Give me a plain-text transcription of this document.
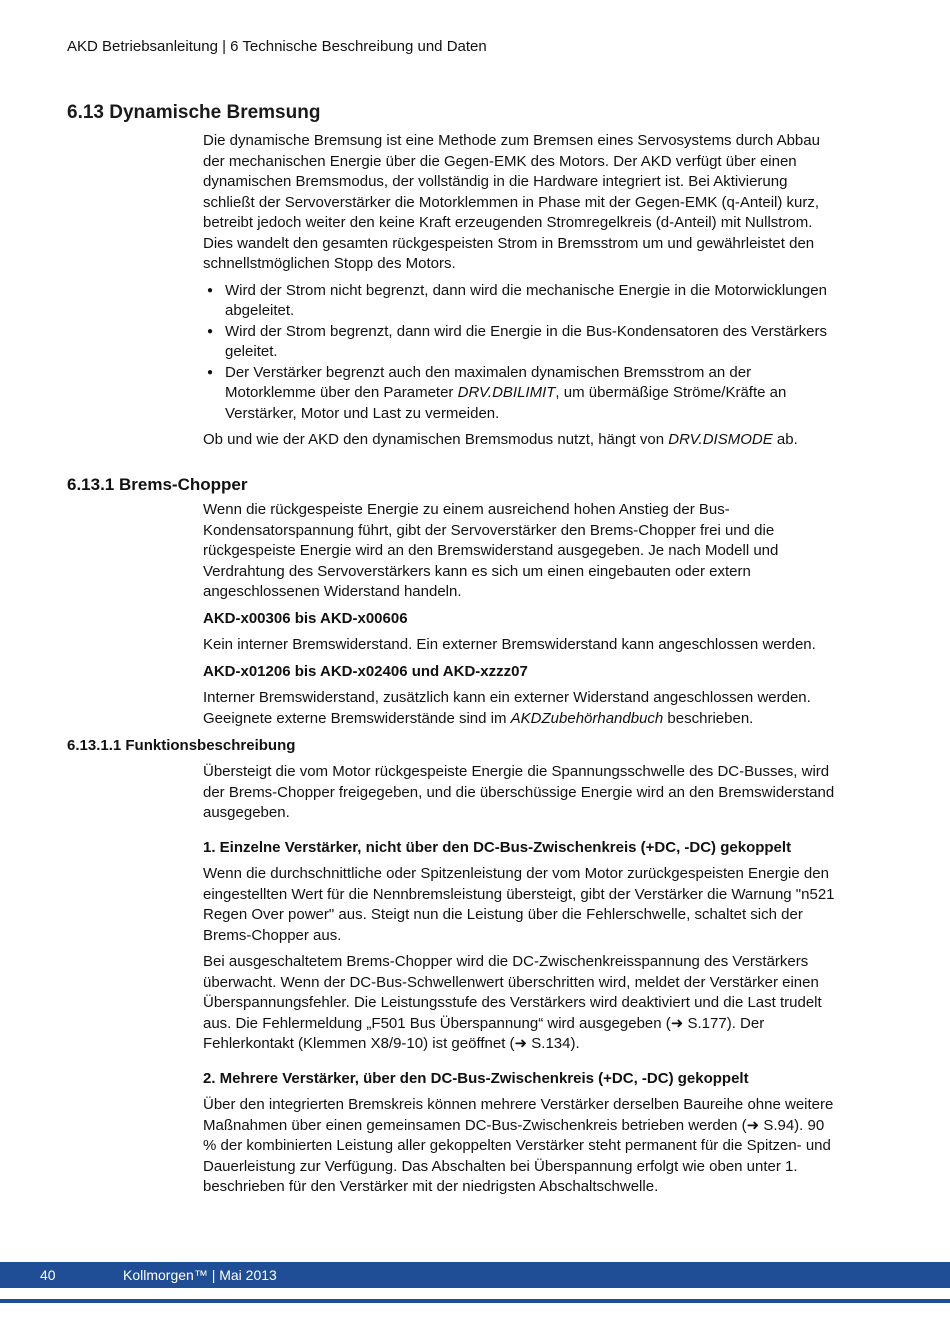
AKD Betriebsanleitung | 6 Technische Beschreibung und Daten
6.13 Dynamische Bremsung

Die dynamische Bremsung ist eine Methode zum Bremsen eines Servosystems durch Abbau der mechanischen Energie über die Gegen-EMK des Motors. Der AKD verfügt über einen dynamischen Bremsmodus, der vollständig in die Hardware integriert ist. Bei Aktivierung schließt der Servoverstärker die Motorklemmen in Phase mit der Gegen-EMK (q-Anteil) kurz, betreibt jedoch weiter den keine Kraft erzeugenden Stromregelkreis (d-Anteil) mit Nullstrom. Dies wandelt den gesamten rückgespeisten Strom in Bremsstrom um und gewährleistet den schnellstmöglichen Stopp des Motors.

● Wird der Strom nicht begrenzt, dann wird die mechanische Energie in die Motorwicklungen abgeleitet.
● Wird der Strom begrenzt, dann wird die Energie in die Bus-Kondensatoren des Verstärkers geleitet.
● Der Verstärker begrenzt auch den maximalen dynamischen Bremsstrom an der Motorklemme über den Parameter DRV.DBILIMIT, um übermäßige Ströme/Kräfte an Verstärker, Motor und Last zu vermeiden.

Ob und wie der AKD den dynamischen Bremsmodus nutzt, hängt von DRV.DISMODE ab.

6.13.1 Brems-Chopper

Wenn die rückgespeiste Energie zu einem ausreichend hohen Anstieg der Bus-Kondensatorspannung führt, gibt der Servoverstärker den Brems-Chopper frei und die rückgespeiste Energie wird an den Bremswiderstand ausgegeben. Je nach Modell und Verdrahtung des Servoverstärkers kann es sich um einen eingebauten oder extern angeschlossenen Widerstand handeln.

AKD-x00306 bis AKD-x00606

Kein interner Bremswiderstand. Ein externer Bremswiderstand kann angeschlossen werden.

AKD-x01206 bis AKD-x02406 und AKD-xzzz07

Interner Bremswiderstand, zusätzlich kann ein externer Widerstand angeschlossen werden.

Geeignete externe Bremswiderstände sind im AKDZubehörhandbuch beschrieben.

6.13.1.1 Funktionsbeschreibung

Übersteigt die vom Motor rückgespeiste Energie die Spannungsschwelle des DC-Busses, wird der Brems-Chopper freigegeben, und die überschüssige Energie wird an den Bremswiderstand ausgegeben.

1. Einzelne Verstärker, nicht über den DC-Bus-Zwischenkreis (+DC, -DC) gekoppelt

Wenn die durchschnittliche oder Spitzenleistung der vom Motor zurückgespeisten Energie den eingestellten Wert für die Nennbremsleistung übersteigt, gibt der Verstärker die Warnung "n521 Regen Over power" aus. Steigt nun die Leistung über die Fehlerschwelle, schaltet sich der Brems-Chopper aus.

Bei ausgeschaltetem Brems-Chopper wird die DC-Zwischenkreisspannung des Verstärkers überwacht. Wenn der DC-Bus-Schwellenwert überschritten wird, meldet der Verstärker einen Überspannungsfehler. Die Leistungsstufe des Verstärkers wird deaktiviert und die Last trudelt aus. Die Fehlermeldung „F501 Bus Überspannung“ wird ausgegeben (➜ S.177). Der Fehlerkontakt (Klemmen X8/9-10) ist geöffnet (➜ S.134).

2. Mehrere Verstärker, über den DC-Bus-Zwischenkreis (+DC, -DC) gekoppelt

Über den integrierten Bremskreis können mehrere Verstärker derselben Baureihe ohne weitere Maßnahmen über einen gemeinsamen DC-Bus-Zwischenkreis betrieben werden (➜ S.94). 90 % der kombinierten Leistung aller gekoppelten Verstärker steht permanent für die Spitzen- und Dauerleistung zur Verfügung. Das Abschalten bei Überspannung erfolgt wie oben unter 1. beschrieben für den Verstärker mit der niedrigsten Abschaltschwelle.

40	Kollmorgen™ | Mai 2013
